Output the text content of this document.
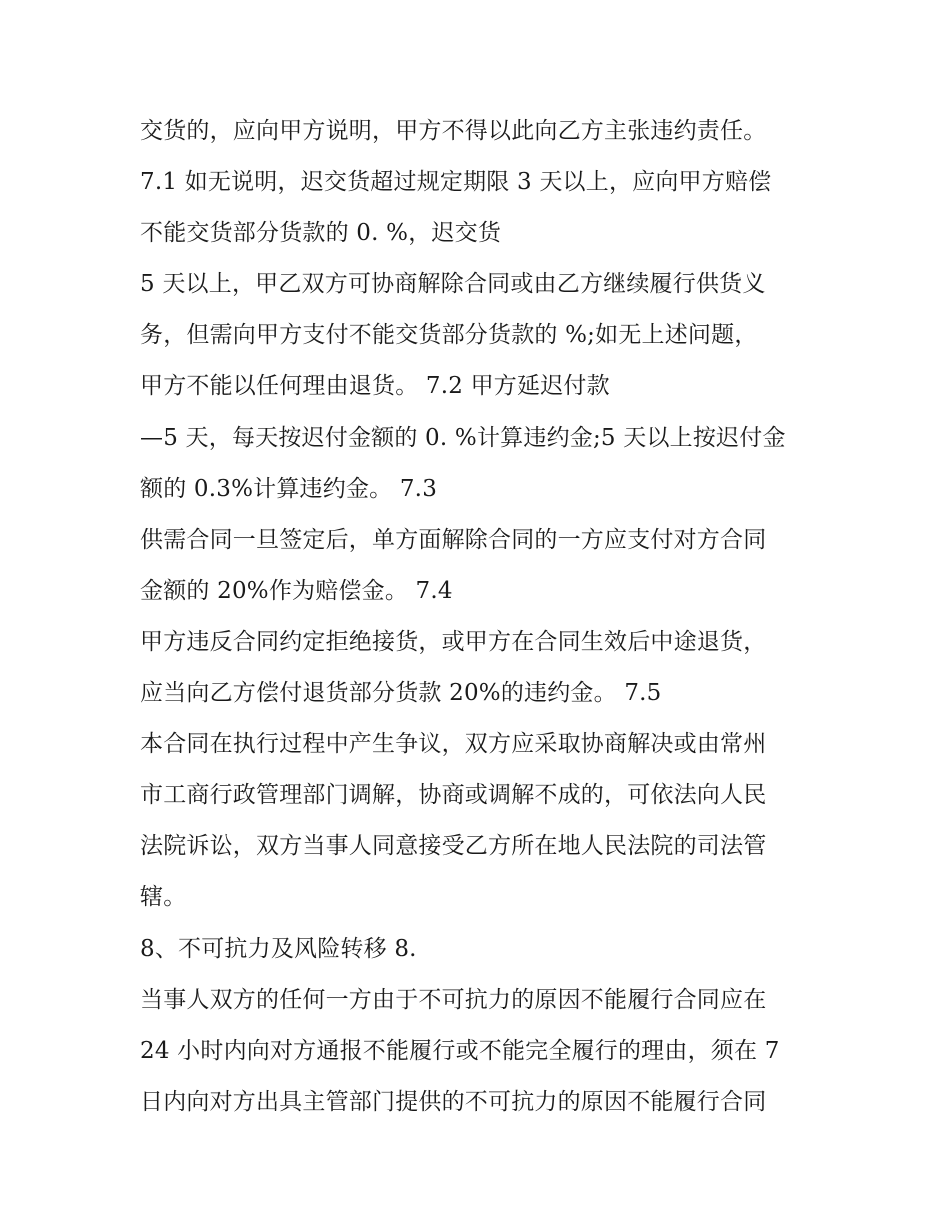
交货的，应向甲方说明，甲方不得以此向乙方主张违约责任。
7.1 如无说明，迟交货超过规定期限 3 天以上，应向甲方赔偿
不能交货部分货款的 0. %，迟交货
5 天以上，甲乙双方可协商解除合同或由乙方继续履行供货义
务，但需向甲方支付不能交货部分货款的 %;如无上述问题，
甲方不能以任何理由退货。 7.2 甲方延迟付款
—5 天，每天按迟付金额的 0. %计算违约金;5 天以上按迟付金
额的 0.3%计算违约金。 7.3
供需合同一旦签定后，单方面解除合同的一方应支付对方合同
金额的 20%作为赔偿金。 7.4
甲方违反合同约定拒绝接货，或甲方在合同生效后中途退货，
应当向乙方偿付退货部分货款 20%的违约金。 7.5
本合同在执行过程中产生争议，双方应采取协商解决或由常州
市工商行政管理部门调解，协商或调解不成的，可依法向人民
法院诉讼，双方当事人同意接受乙方所在地人民法院的司法管
辖。
8、不可抗力及风险转移 8.
当事人双方的任何一方由于不可抗力的原因不能履行合同应在
24 小时内向对方通报不能履行或不能完全履行的理由，须在 7
日内向对方出具主管部门提供的不可抗力的原因不能履行合同
